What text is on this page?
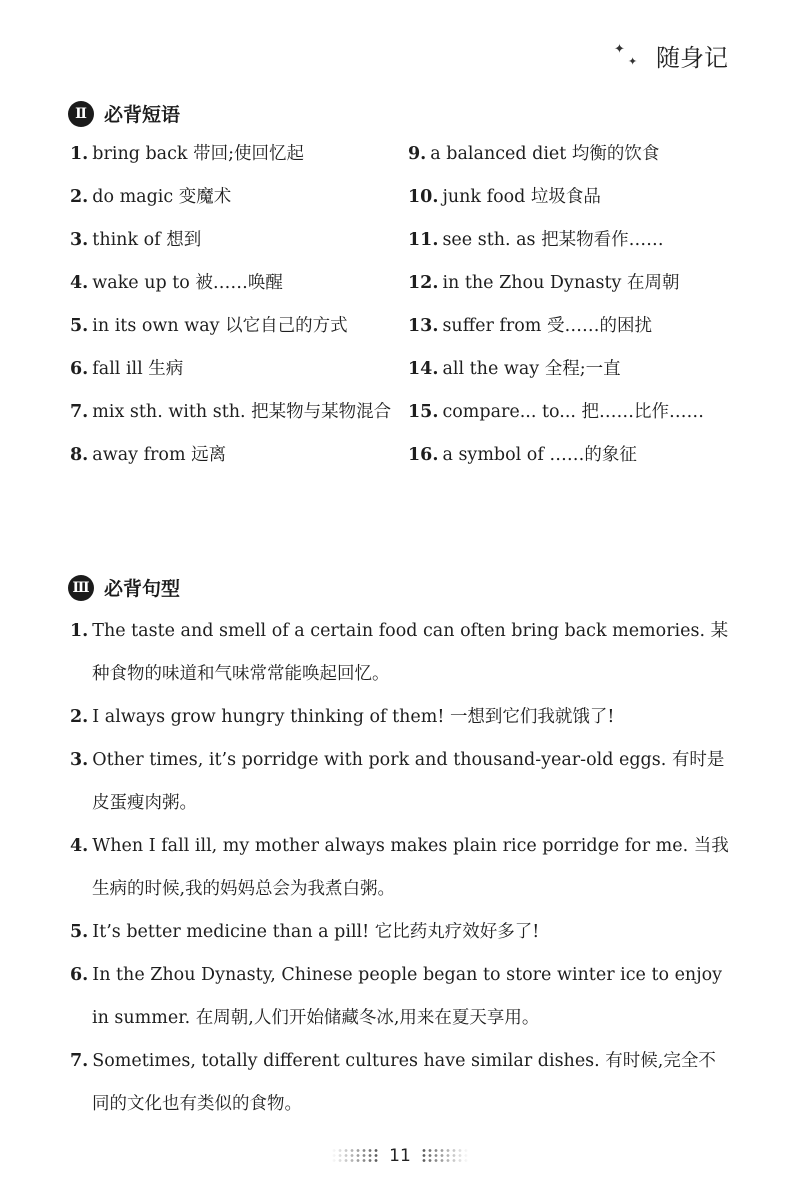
✦
✦ 随身记
Ⅱ 必背短语
1. bring back 带回;使回忆起
2. do magic 变魔术
3. think of 想到
4. wake up to 被……唤醒
5. in its own way 以它自己的方式
6. fall ill 生病
7. mix sth. with sth. 把某物与某物混合
8. away from 远离
9. a balanced diet 均衡的饮食
10. junk food 垃圾食品
11. see sth. as 把某物看作……
12. in the Zhou Dynasty 在周朝
13. suffer from 受……的困扰
14. all the way 全程;一直
15. compare... to... 把……比作……
16. a symbol of ……的象征
Ⅲ 必背句型
1. The taste and smell of a certain food can often bring back memories. 某种食物的味道和气味常常能唤起回忆。
2. I always grow hungry thinking of them! 一想到它们我就饿了!
3. Other times, it’s porridge with pork and thousand-year-old eggs. 有时是皮蛋瘦肉粥。
4. When I fall ill, my mother always makes plain rice porridge for me. 当我生病的时候,我的妈妈总会为我煮白粥。
5. It’s better medicine than a pill! 它比药丸疗效好多了!
6. In the Zhou Dynasty, Chinese people began to store winter ice to enjoy in summer. 在周朝,人们开始储藏冬冰,用来在夏天享用。
7. Sometimes, totally different cultures have similar dishes. 有时候,完全不同的文化也有类似的食物。
11
